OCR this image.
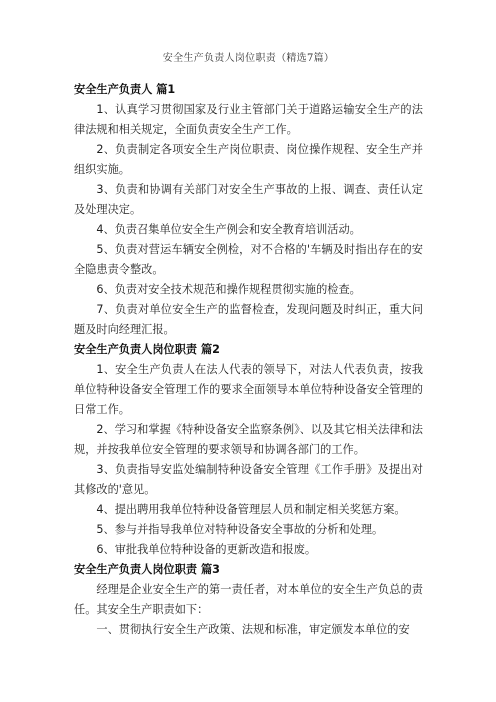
安全生产负责人岗位职责（精选7篇）

安全生产负责人 篇1

1、认真学习贯彻国家及行业主管部门关于道路运输安全生产的法律法规和相关规定，全面负责安全生产工作。

2、负责制定各项安全生产岗位职责、岗位操作规程、安全生产并组织实施。

3、负责和协调有关部门对安全生产事故的上报、调查、责任认定及处理决定。

4、负责召集单位安全生产例会和安全教育培训活动。

5、负责对营运车辆安全例检，对不合格的'车辆及时指出存在的安全隐患责令整改。

6、负责对安全技术规范和操作规程贯彻实施的检查。

7、负责对单位安全生产的监督检查，发现问题及时纠正，重大问题及时向经理汇报。

安全生产负责人岗位职责 篇2

1、安全生产负责人在法人代表的领导下，对法人代表负责，按我单位特种设备安全管理工作的要求全面领导本单位特种设备安全管理的日常工作。

2、学习和掌握《特种设备安全监察条例》、以及其它相关法律和法规，并按我单位安全管理的要求领导和协调各部门的工作。

3、负责指导安监处编制特种设备安全管理《工作手册》及提出对其修改的'意见。

4、提出聘用我单位特种设备管理层人员和制定相关奖惩方案。

5、参与并指导我单位对特种设备安全事故的分析和处理。

6、审批我单位特种设备的更新改造和报废。

安全生产负责人岗位职责 篇3

经理是企业安全生产的第一责任者，对本单位的安全生产负总的责任。其安全生产职责如下：

一、贯彻执行安全生产政策、法规和标准，审定颁发本单位的安
